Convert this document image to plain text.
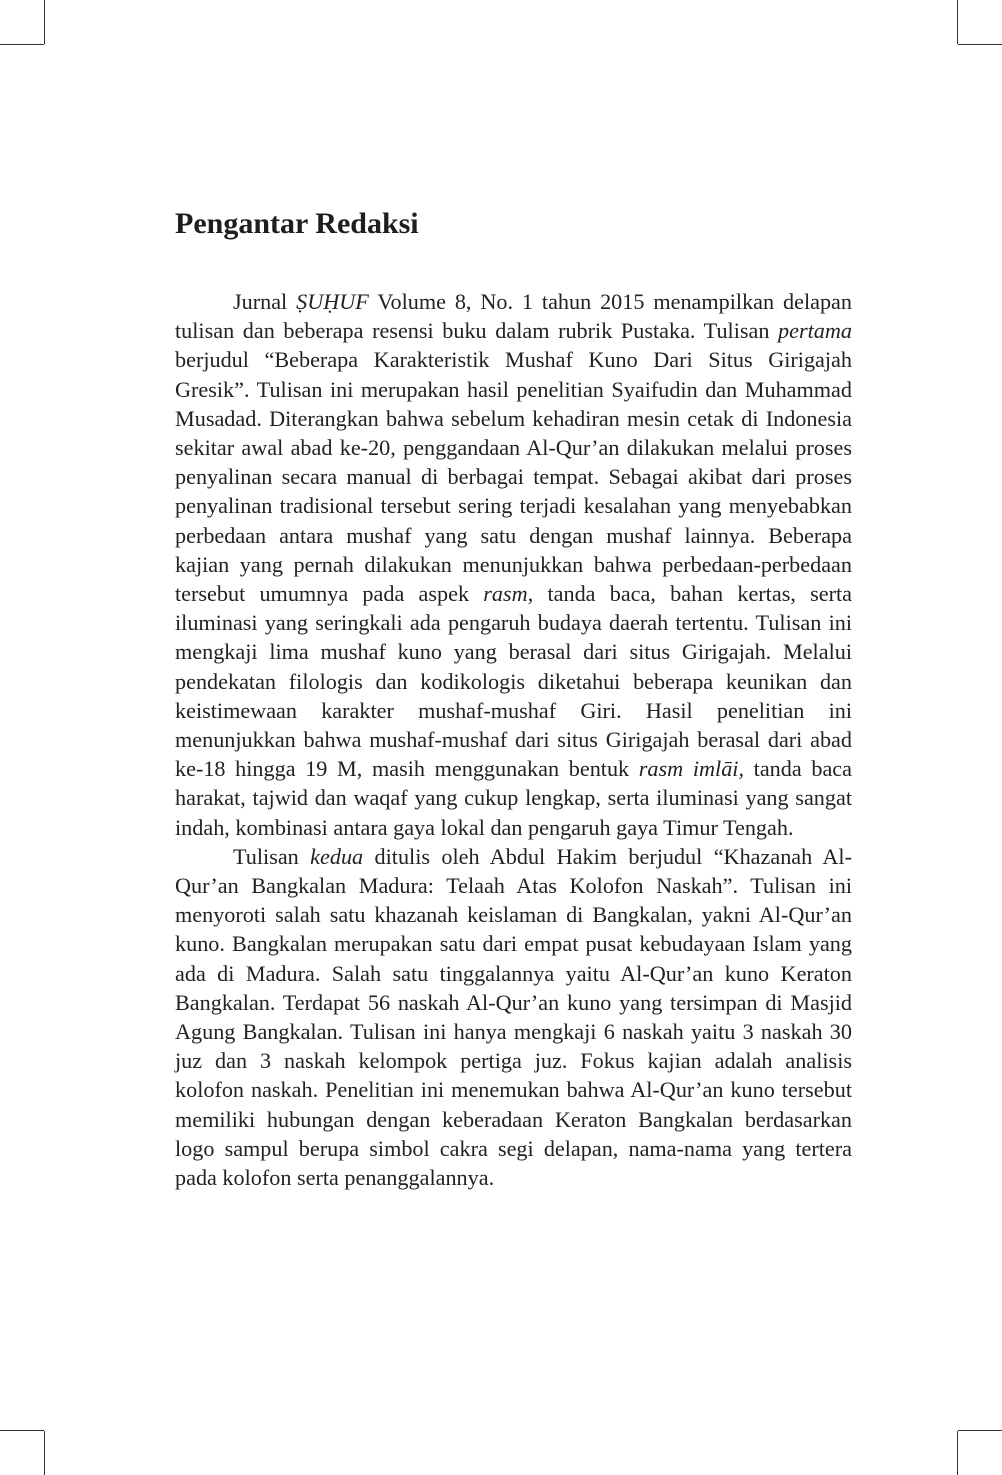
Pengantar Redaksi

Jurnal ṢUḤUF Volume 8, No. 1 tahun 2015 menampilkan delapan tulisan dan beberapa resensi buku dalam rubrik Pustaka. Tulisan pertama berjudul “Beberapa Karakteristik Mushaf Kuno Dari Situs Girigajah Gresik”. Tulisan ini merupakan hasil penelitian Syaifudin dan Muhammad Musadad. Diterangkan bahwa sebelum kehadiran mesin cetak di Indonesia sekitar awal abad ke-20, penggandaan Al-Qur’an dilakukan melalui proses penyalinan secara manual di berbagai tempat. Sebagai akibat dari proses penyalinan tradisional tersebut sering terjadi kesalahan yang menyebabkan perbedaan antara mushaf yang satu dengan mushaf lainnya. Beberapa kajian yang pernah dilakukan menunjukkan bahwa perbedaan-perbedaan tersebut umumnya pada aspek rasm, tanda baca, bahan kertas, serta iluminasi yang seringkali ada pengaruh budaya daerah tertentu. Tulisan ini mengkaji lima mushaf kuno yang berasal dari situs Girigajah. Melalui pendekatan filologis dan kodikologis diketahui beberapa keunikan dan keistimewaan karakter mushaf-mushaf Giri. Hasil penelitian ini menunjukkan bahwa mushaf-mushaf dari situs Girigajah berasal dari abad ke-18 hingga 19 M, masih menggunakan bentuk rasm imlāi, tanda baca harakat, tajwid dan waqaf yang cukup lengkap, serta iluminasi yang sangat indah, kombinasi antara gaya lokal dan pengaruh gaya Timur Tengah.

Tulisan kedua ditulis oleh Abdul Hakim berjudul “Khazanah Al-Qur’an Bangkalan Madura: Telaah Atas Kolofon Naskah”. Tulisan ini menyoroti salah satu khazanah keislaman di Bangkalan, yakni Al-Qur’an kuno. Bangkalan merupakan satu dari empat pusat kebudayaan Islam yang ada di Madura. Salah satu tinggalannya yaitu Al-Qur’an kuno Keraton Bangkalan. Terdapat 56 naskah Al-Qur’an kuno yang tersimpan di Masjid Agung Bangkalan. Tulisan ini hanya mengkaji 6 naskah yaitu 3 naskah 30 juz dan 3 naskah kelompok pertiga juz. Fokus kajian adalah analisis kolofon naskah. Penelitian ini menemukan bahwa Al-Qur’an kuno tersebut memiliki hubungan dengan keberadaan Keraton Bangkalan berdasarkan logo sampul berupa simbol cakra segi delapan, nama-nama yang tertera pada kolofon serta penanggalannya.
